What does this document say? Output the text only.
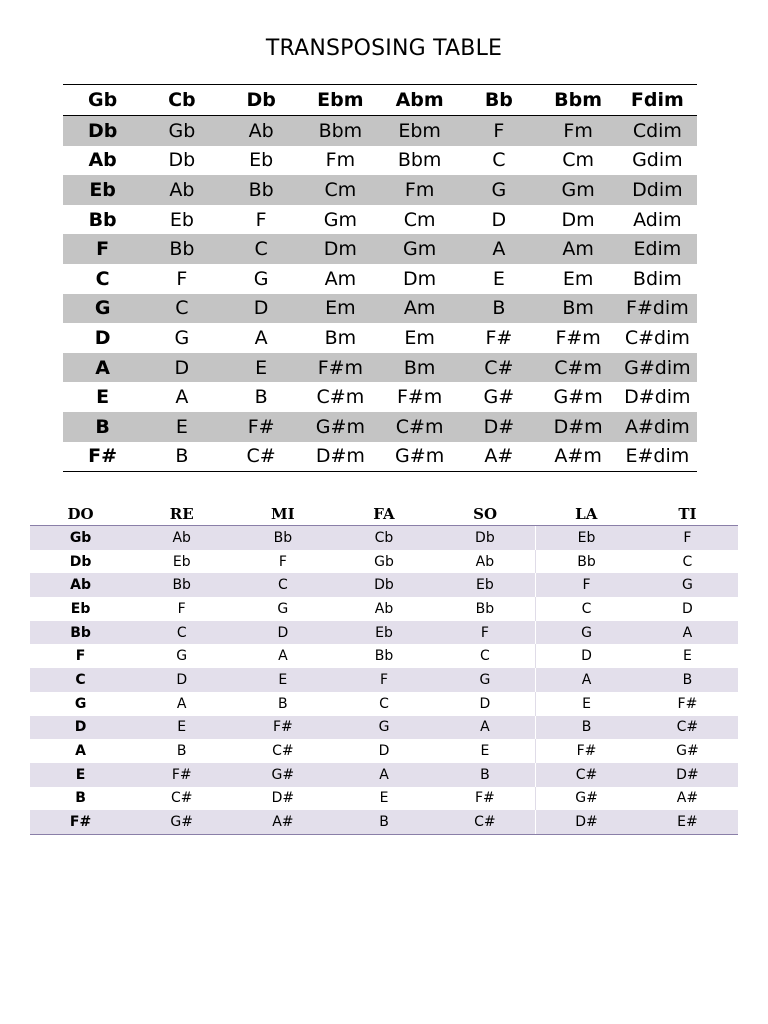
TRANSPOSING TABLE
Gb	Cb	Db	Ebm	Abm	Bb	Bbm	Fdim
Db	Gb	Ab	Bbm	Ebm	F	Fm	Cdim
Ab	Db	Eb	Fm	Bbm	C	Cm	Gdim
Eb	Ab	Bb	Cm	Fm	G	Gm	Ddim
Bb	Eb	F	Gm	Cm	D	Dm	Adim
F	Bb	C	Dm	Gm	A	Am	Edim
C	F	G	Am	Dm	E	Em	Bdim
G	C	D	Em	Am	B	Bm	F#dim
D	G	A	Bm	Em	F#	F#m	C#dim
A	D	E	F#m	Bm	C#	C#m	G#dim
E	A	B	C#m	F#m	G#	G#m	D#dim
B	E	F#	G#m	C#m	D#	D#m	A#dim
F#	B	C#	D#m	G#m	A#	A#m	E#dim
DO	RE	MI	FA	SO	LA	TI
Gb	Ab	Bb	Cb	Db	Eb	F
Db	Eb	F	Gb	Ab	Bb	C
Ab	Bb	C	Db	Eb	F	G
Eb	F	G	Ab	Bb	C	D
Bb	C	D	Eb	F	G	A
F	G	A	Bb	C	D	E
C	D	E	F	G	A	B
G	A	B	C	D	E	F#
D	E	F#	G	A	B	C#
A	B	C#	D	E	F#	G#
E	F#	G#	A	B	C#	D#
B	C#	D#	E	F#	G#	A#
F#	G#	A#	B	C#	D#	E#
